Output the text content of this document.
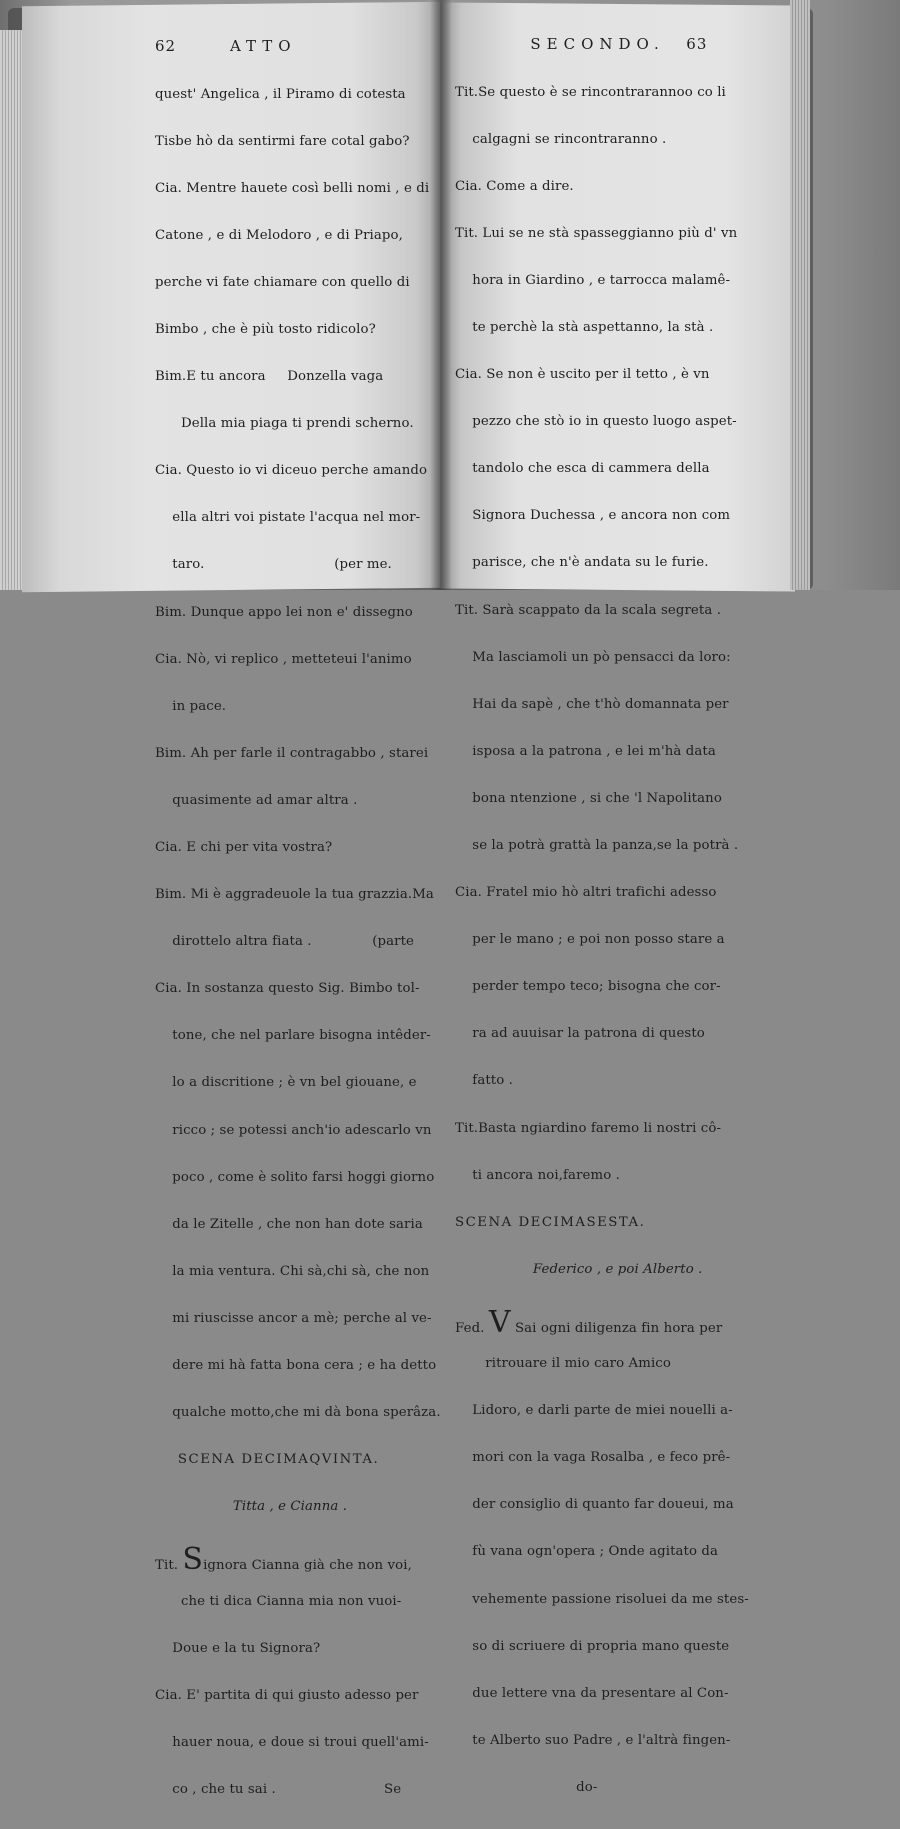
62	ATTO

quest' Angelica , il Piramo di cotesta

Tisbe hò da sentirmi fare cotal gabo?

Cia. Mentre hauete così belli nomi , e di

Catone , e di Melodoro , e di Priapo,

perche vi fate chiamare con quello di

Bimbo , che è più tosto ridicolo?

Bim.E tu ancora     Donzella vaga

Della mia piaga ti prendi scherno.

Cia. Questo io vi diceuo perche amando

ella altri voi pistate l'acqua nel mor-

taro.                              (per me.

Bim. Dunque appo lei non e' dissegno

Cia. Nò, vi replico , metteteui l'animo

in pace.

Bim. Ah per farle il contragabbo , starei

quasimente ad amar altra .

Cia. E chi per vita vostra?

Bim. Mi è aggradeuole la tua grazzia.Ma

dirottelo altra fiata .              (parte

Cia. In sostanza questo Sig. Bimbo tol-

tone, che nel parlare bisogna intêder-

lo a discritione ; è vn bel giouane, e

ricco ; se potessi anch'io adescarlo vn

poco , come è solito farsi hoggi giorno

da le Zitelle , che non han dote saria

la mia ventura. Chi sà,chi sà, che non

mi riuscisse ancor a mè; perche al ve-

dere mi hà fatta bona cera ; e ha detto

qualche motto,che mi dà bona sperâza.

SCENA DECIMAQVINTA.

Titta , e Cianna .

Tit. Signora Cianna già che non voi,

che ti dica Cianna mia non vuoi-

Doue e la tu Signora?

Cia. E' partita di qui giusto adesso per

hauer noua, e doue si troui quell'ami-

co , che tu sai .                         Se

SECONDO. 63

Tit.Se questo è se rincontrarannoo co li

calgagni se rincontraranno .

Cia. Come a dire.

Tit. Lui se ne stà spasseggianno più d' vn

hora in Giardino , e tarrocca malamê-

te perchè la stà aspettanno, la stà .

Cia. Se non è uscito per il tetto , è vn

pezzo che stò io in questo luogo aspet-

tandolo che esca di cammera della

Signora Duchessa , e ancora non com

parisce, che n'è andata su le furie.

Tit. Sarà scappato da la scala segreta .

Ma lasciamoli un pò pensacci da loro:

Hai da sapè , che t'hò domannata per

isposa a la patrona , e lei m'hà data

bona ntenzione , si che 'l Napolitano

se la potrà grattà la panza,se la potrà .

Cia. Fratel mio hò altri trafichi adesso

per le mano ; e poi non posso stare a

perder tempo teco; bisogna che cor-

ra ad auuisar la patrona di questo

fatto .

Tit.Basta ngiardino faremo li nostri cô-

ti ancora noi,faremo .

SCENA DECIMASESTA.

Federico , e poi Alberto .

Fed. V Sai ogni diligenza fin hora per

ritrouare il mio caro Amico

Lidoro, e darli parte de miei nouelli a-

mori con la vaga Rosalba , e feco prê-

der consiglio di quanto far doueui, ma

fù vana ogn'opera ; Onde agitato da

vehemente passione risoluei da me stes-

so di scriuere di propria mano queste

due lettere vna da presentare al Con-

te Alberto suo Padre , e l'altrà fingen-

do-
